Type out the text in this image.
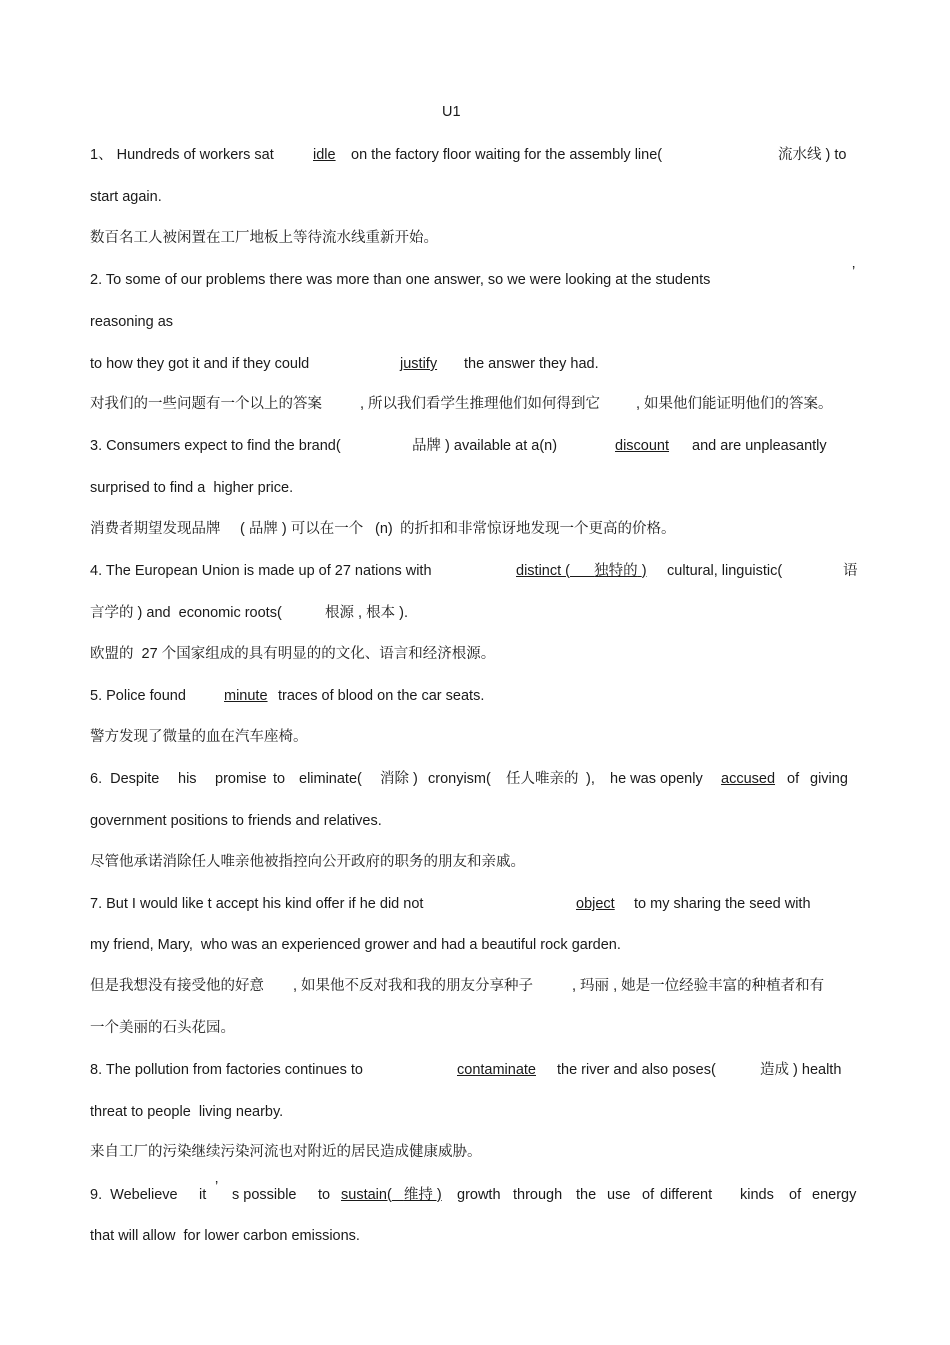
U1
1、 Hundreds of workers sat	idle on the factory floor waiting for the assembly line(	流水线 ) to
start again.
数百名工人被闲置在工厂地板上等待流水线重新开始。
2. To some of our problems there was more than one answer, so we were looking at the students	’
reasoning as
to how they got it and if they could	justify the answer they had.
对我们的一些问题有一个以上的答案	, 所以我们看学生推理他们如何得到它 , 如果他们能证明他们的答案。
3. Consumers expect to find the brand(	品牌 ) available at a(n)	discount and are unpleasantly
surprised to find a  higher price.
消费者期望发现品牌 ( 品牌 ) 可以在一个 (n) 的折扣和非常惊讶地发现一个更高的价格。
4. The European Union is made up of 27 nations with	distinct ( 独特的 ) cultural, linguistic(	语
言学的 ) and  economic roots(	根源 , 根本 ).
欧盟的  27 个国家组成的具有明显的的文化、语言和经济根源。
5. Police found	minute traces of blood on the car seats.
警方发现了微量的血在汽车座椅。
6.  Despite his promise to eliminate( 消除 ) cronyism( 任人唯亲的 ), he was openly accused of giving
government positions to friends and relatives.
尽管他承诺消除任人唯亲他被指控向公开政府的职务的朋友和亲戚。
7. But I would like t accept his kind offer if he did not	object to my sharing the seed with
my friend, Mary,  who was an experienced grower and had a beautiful rock garden.
但是我想没有接受他的好意 , 如果他不反对我和我的朋友分享种子	, 玛丽 , 她是一位经验丰富的种植者和有
一个美丽的石头花园。
8. The pollution from factories continues to	contaminate the river and also poses(	造成 ) health
threat to people  living nearby.
来自工厂的污染继续污染河流也对附近的居民造成健康威胁。
9.  Webelieve it ’ s possible to sustain( 维持 ) growth through the use of different kinds of energy
that will allow  for lower carbon emissions.
